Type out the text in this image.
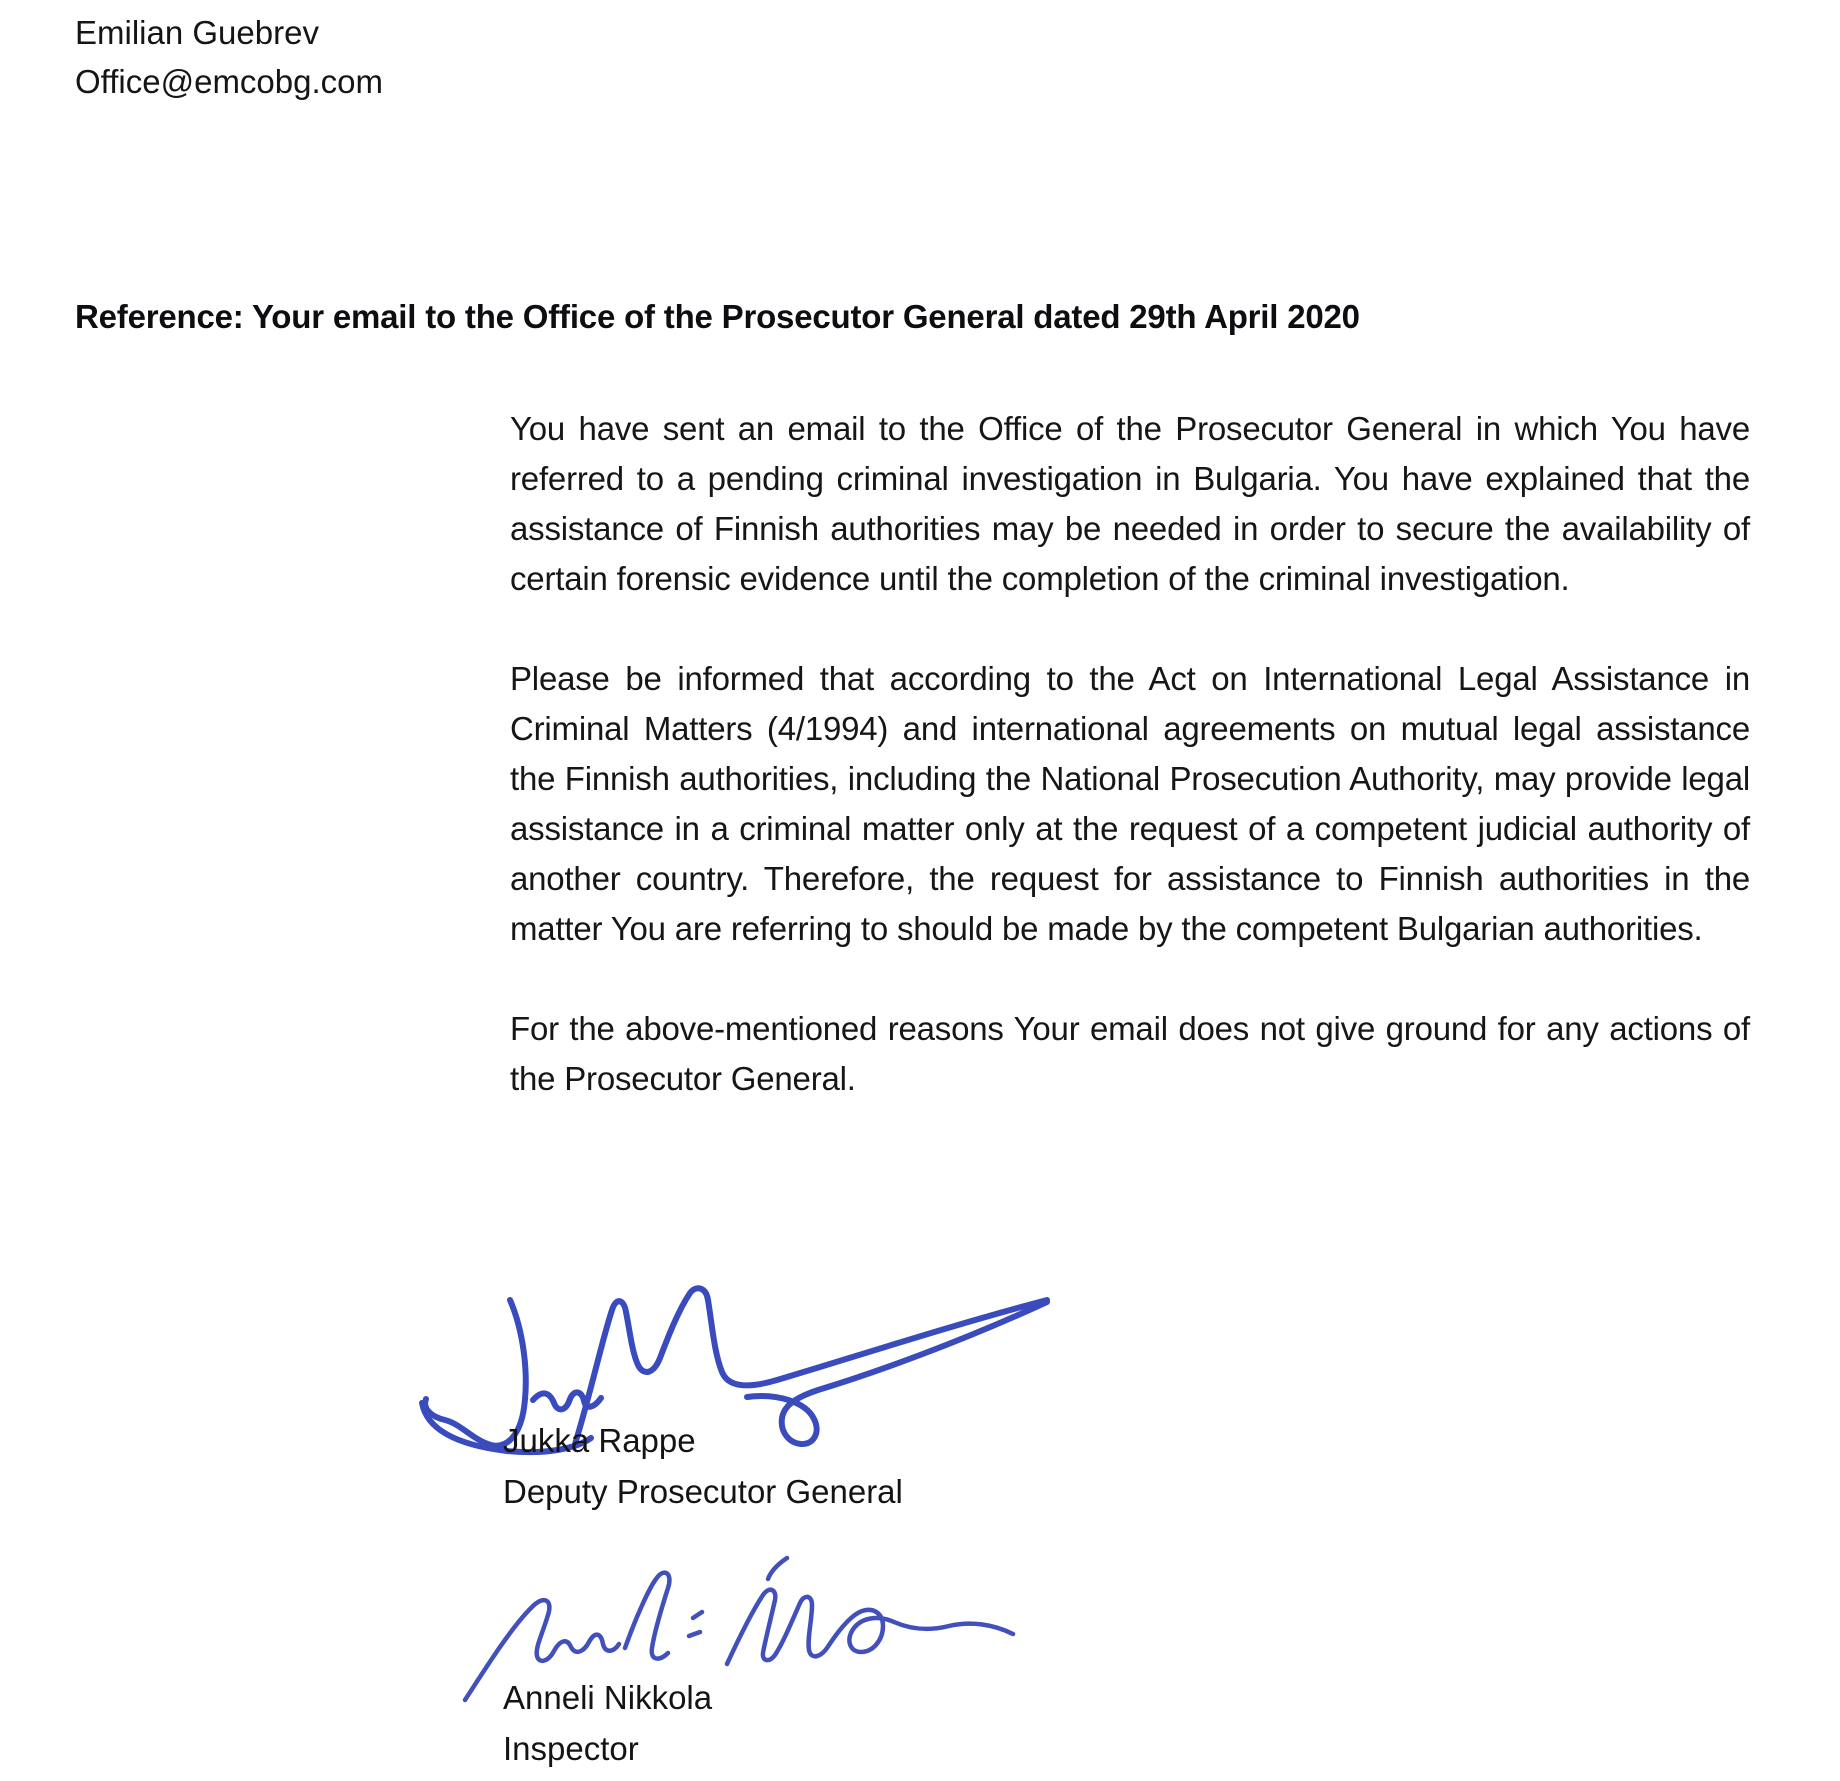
Emilian Guebrev
Office@emcobg.com
Reference: Your email to the Office of the Prosecutor General dated 29th April 2020

You have sent an email to the Office of the Prosecutor General in which You have referred to a pending criminal investigation in Bulgaria. You have explained that the assistance of Finnish authorities may be needed in order to secure the availability of certain forensic evidence until the completion of the criminal investigation.

Please be informed that according to the Act on International Legal Assistance in Criminal Matters (4/1994) and international agreements on mutual legal assistance the Finnish authorities, including the National Prosecution Authority, may provide legal assistance in a criminal matter only at the request of a competent judicial authority of another country. Therefore, the request for assistance to Finnish authorities in the matter You are referring to should be made by the competent Bulgarian authorities.

For the above-mentioned reasons Your email does not give ground for any actions of the Prosecutor General.

Jukka Rappe
Deputy Prosecutor General
Anneli Nikkola
Inspector
